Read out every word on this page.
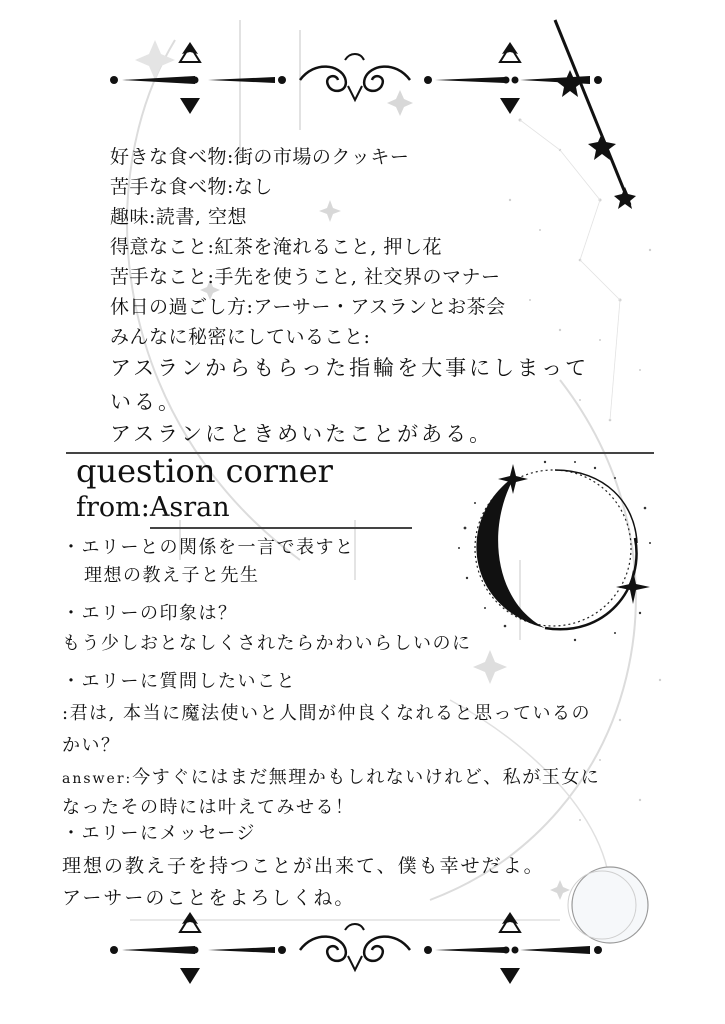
好きな食べ物:街の市場のクッキー
苦手な食べ物:なし
趣味:読書, 空想
得意なこと:紅茶を淹れること, 押し花
苦手なこと:手先を使うこと, 社交界のマナー
休日の過ごし方:アーサー・アスランとお茶会
みんなに秘密にしていること:
アスランからもらった指輪を大事にしまって
いる。
アスランにときめいたことがある。
question corner
from:Asran
・エリーとの関係を一言で表すと
理想の教え子と先生
・エリーの印象は？
もう少しおとなしくされたらかわいらしいのに
・エリーに質問したいこと
:君は, 本当に魔法使いと人間が仲良くなれると思っているの
かい？
answer:今すぐにはまだ無理かもしれないけれど、私が王女に
なったその時には叶えてみせる！
・エリーにメッセージ
理想の教え子を持つことが出来て、僕も幸せだよ。
アーサーのことをよろしくね。
